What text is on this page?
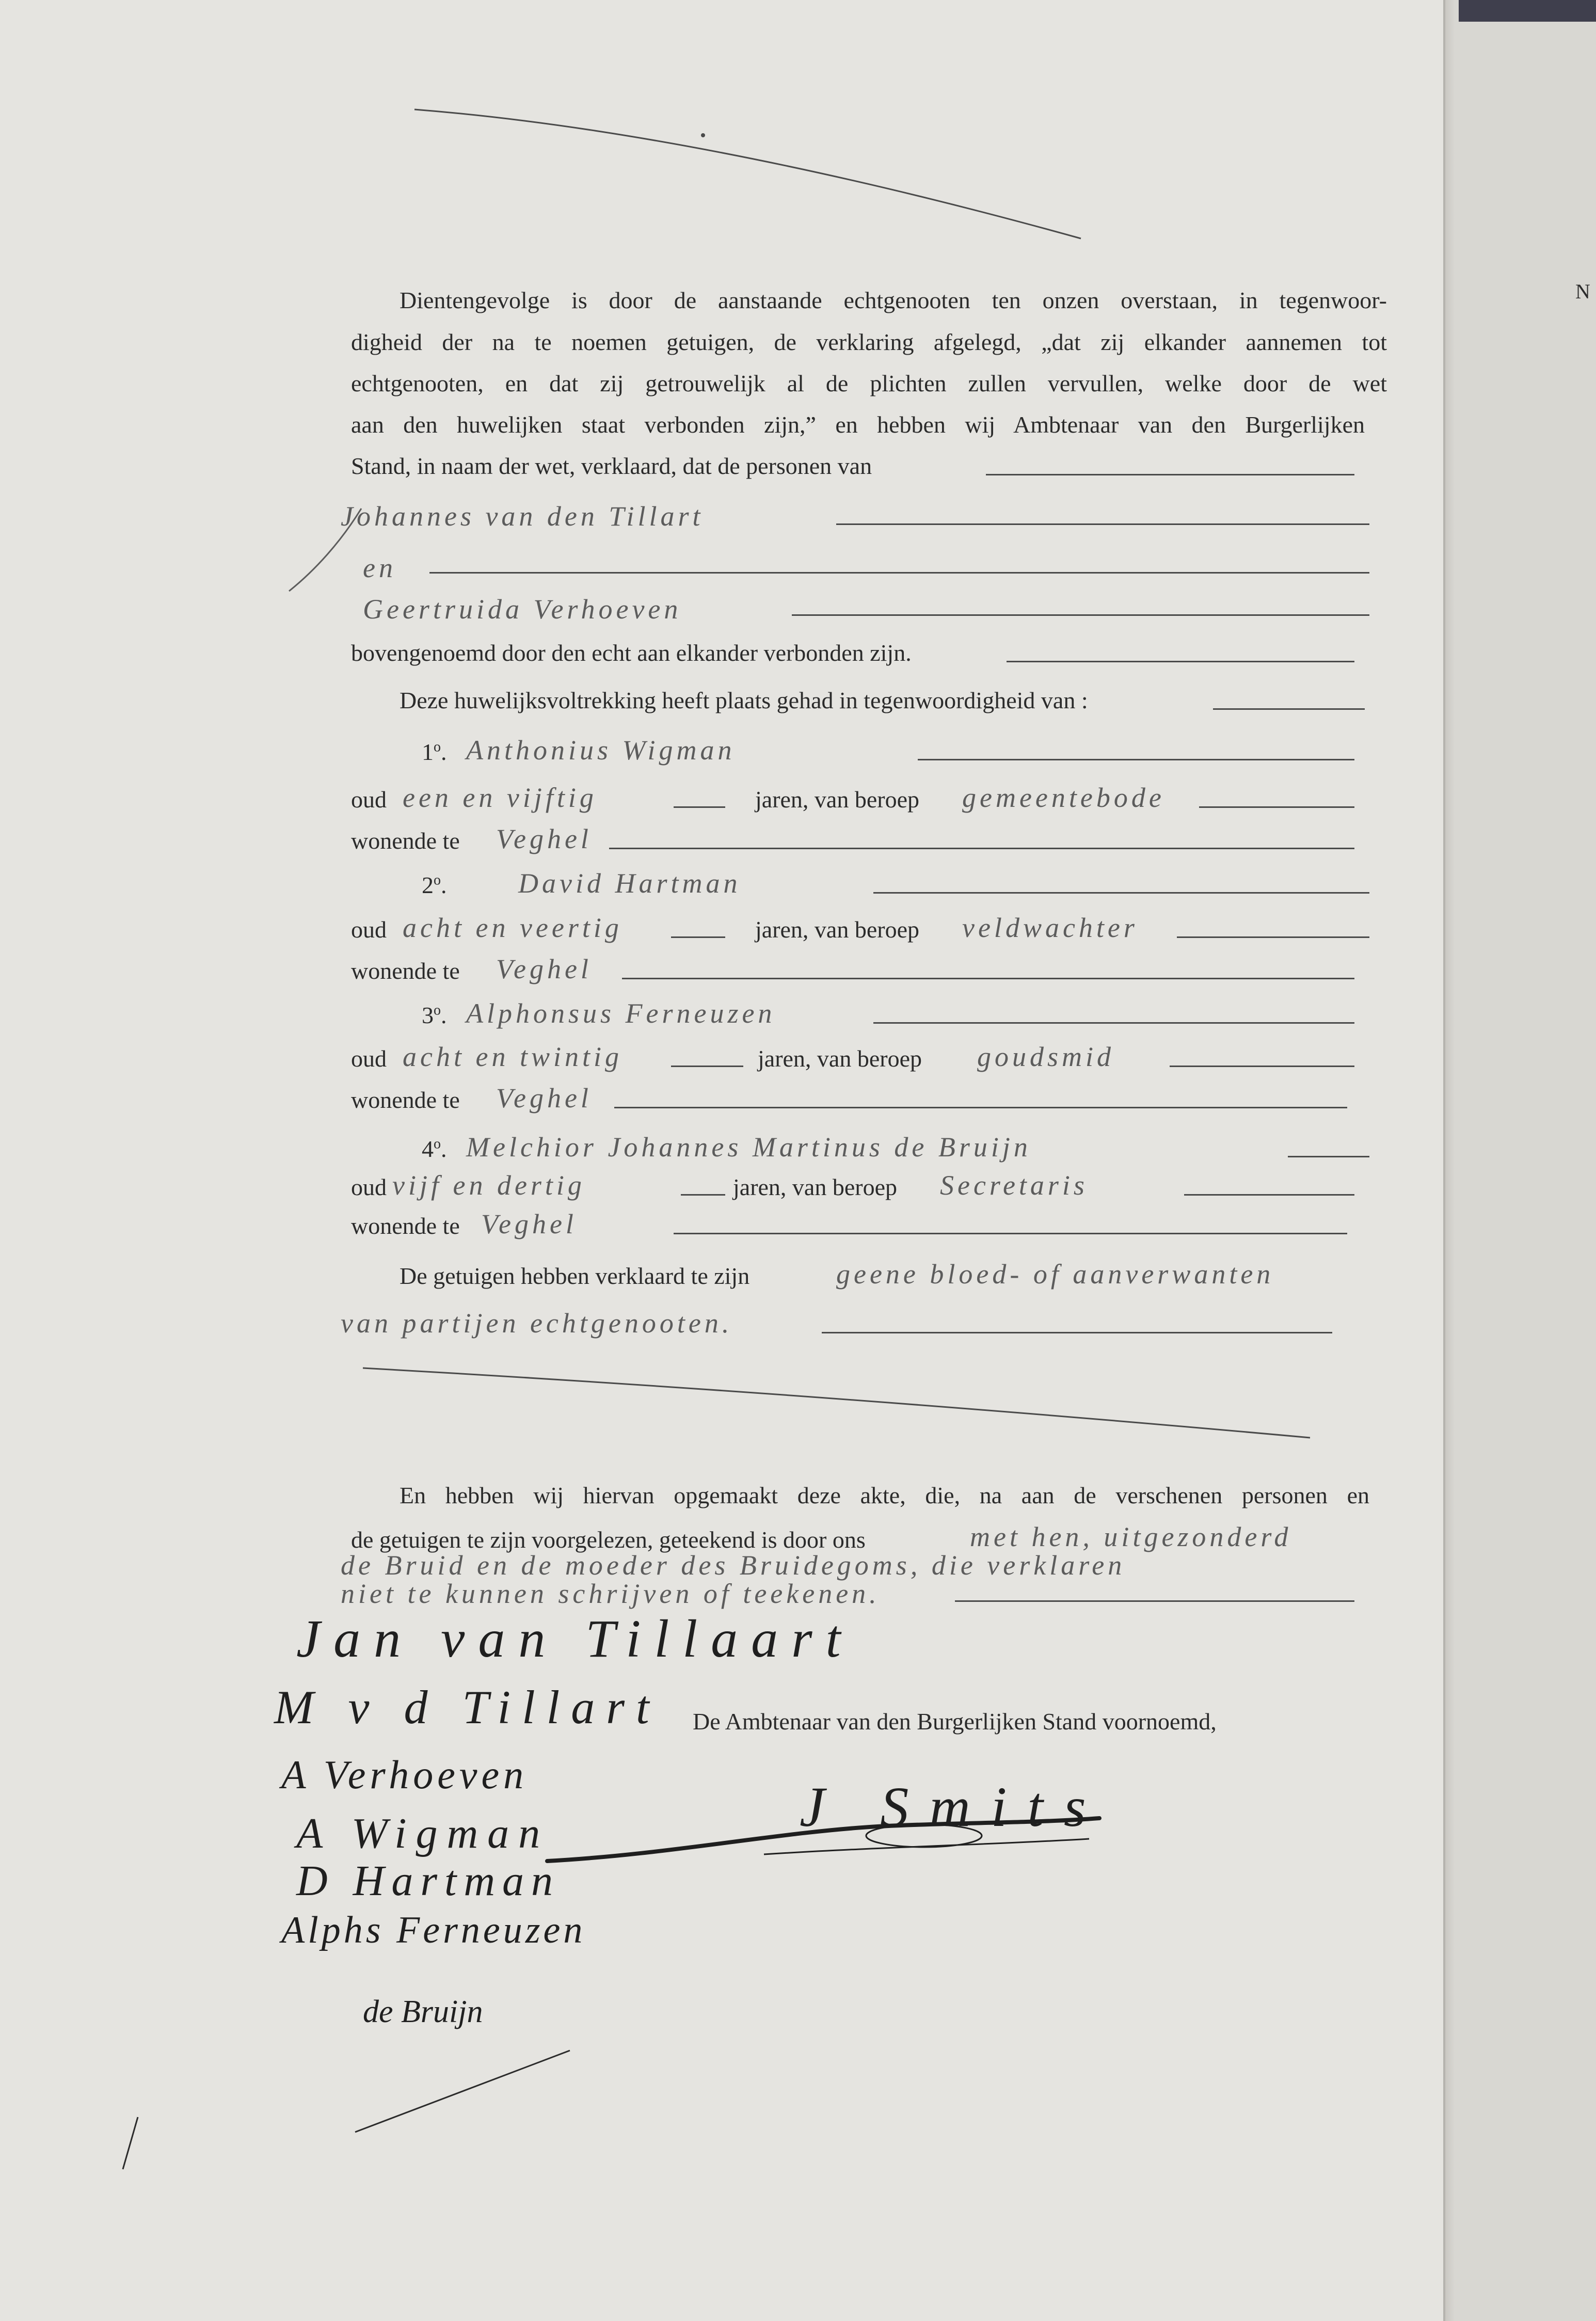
N
Dientengevolge is door de aanstaande echtgenooten ten onzen overstaan, in tegenwoor-
digheid der na te noemen getuigen, de verklaring afgelegd, „dat zij elkander aannemen tot
echtgenooten, en dat zij getrouwelijk al de plichten zullen vervullen, welke door de wet
aan den huwelijken staat verbonden zijn,” en hebben wij Ambtenaar van den Burgerlijken
Stand, in naam der wet, verklaard, dat de personen van
Johannes van den Tillart
en
Geertruida Verhoeven
bovengenoemd door den echt aan elkander verbonden zijn.
Deze huwelijksvoltrekking heeft plaats gehad in tegenwoordigheid van :
1$^o$. Anthonius Wigman
oud een en vijftig	jaren, van beroep gemeentebode
wonende te Veghel
2$^o$.	David Hartman
oud acht en veertig	jaren, van beroep veldwachter
wonende te Veghel
3$^o$. Alphonsus Ferneuzen
oud acht en twintig	jaren, van beroep goudsmid
wonende te Veghel
4$^o$. Melchior Johannes Martinus de Bruijn
oud vijf en dertig	jaren, van beroep Secretaris
wonende te Veghel
De getuigen hebben verklaard te zijn	geene bloed- of aanverwanten
van partijen echtgenooten.
En hebben wij hiervan opgemaakt deze akte, die, na aan de verschenen personen en
de getuigen te zijn voorgelezen, geteekend is door ons	met hen, uitgezonderd
de Bruid en de moeder des Bruidegoms, die verklaren
niet te kunnen schrijven of teekenen.
Jan van Tillaart
M v d Tillart De Ambtenaar van den Burgerlijken Stand voornoemd,
A Verhoeven
J Smits
A Wigman
D Hartman
Alphs Ferneuzen
de Bruijn
